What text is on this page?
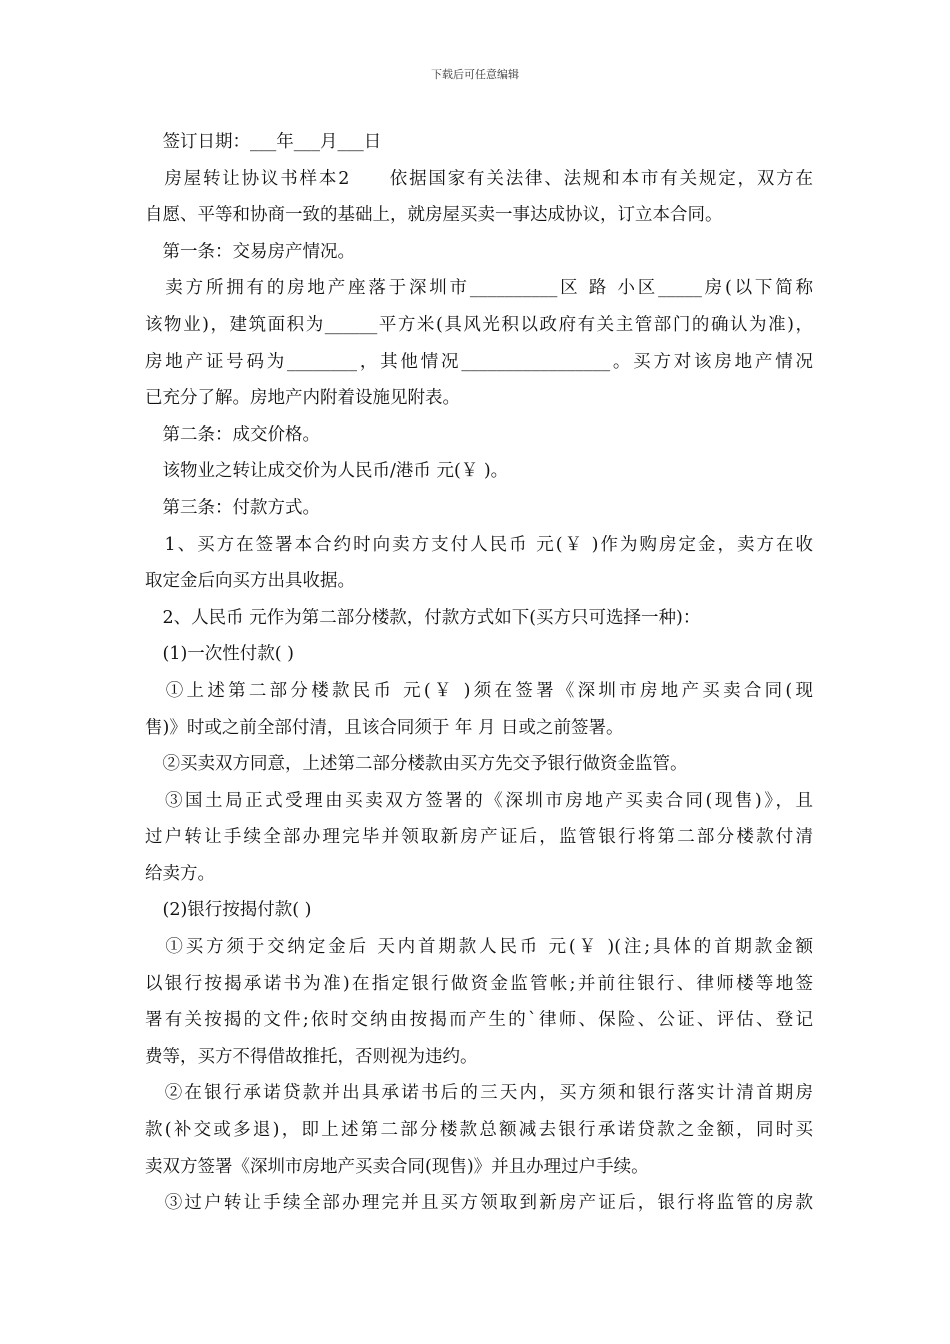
下载后可任意编辑

　签订日期：___年___月___日

　房屋转让协议书样本2　　依据国家有关法律、法规和本市有关规定，双方在

自愿、平等和协商一致的基础上，就房屋买卖一事达成协议，订立本合同。

　第一条：交易房产情况。

　卖方所拥有的房地产座落于深圳市__________区 路 小区_____房(以下简称

该物业)，建筑面积为______平方米(具风光积以政府有关主管部门的确认为准)，

房地产证号码为________，其他情况_________________。买方对该房地产情况

已充分了解。房地产内附着设施见附表。

　第二条：成交价格。

　该物业之转让成交价为人民币/港币 元(￥ )。

　第三条：付款方式。

　1、买方在签署本合约时向卖方支付人民币 元(￥ )作为购房定金，卖方在收

取定金后向买方出具收据。

　2、人民币 元作为第二部分楼款，付款方式如下(买方只可选择一种)：

　(1)一次性付款( )

　①上述第二部分楼款民币 元(￥ )须在签署《深圳市房地产买卖合同(现

售)》时或之前全部付清，且该合同须于 年 月 日或之前签署。

　②买卖双方同意，上述第二部分楼款由买方先交予银行做资金监管。

　③国土局正式受理由买卖双方签署的《深圳市房地产买卖合同(现售)》，且

过户转让手续全部办理完毕并领取新房产证后，监管银行将第二部分楼款付清

给卖方。

　(2)银行按揭付款( )

　①买方须于交纳定金后 天内首期款人民币 元(￥ )(注;具体的首期款金额

以银行按揭承诺书为准)在指定银行做资金监管帐;并前往银行、律师楼等地签

署有关按揭的文件;依时交纳由按揭而产生的`律师、保险、公证、评估、登记

费等，买方不得借故推托，否则视为违约。

　②在银行承诺贷款并出具承诺书后的三天内，买方须和银行落实计清首期房

款(补交或多退)，即上述第二部分楼款总额减去银行承诺贷款之金额，同时买

卖双方签署《深圳市房地产买卖合同(现售)》并且办理过户手续。

　③过户转让手续全部办理完并且买方领取到新房产证后，银行将监管的房款
